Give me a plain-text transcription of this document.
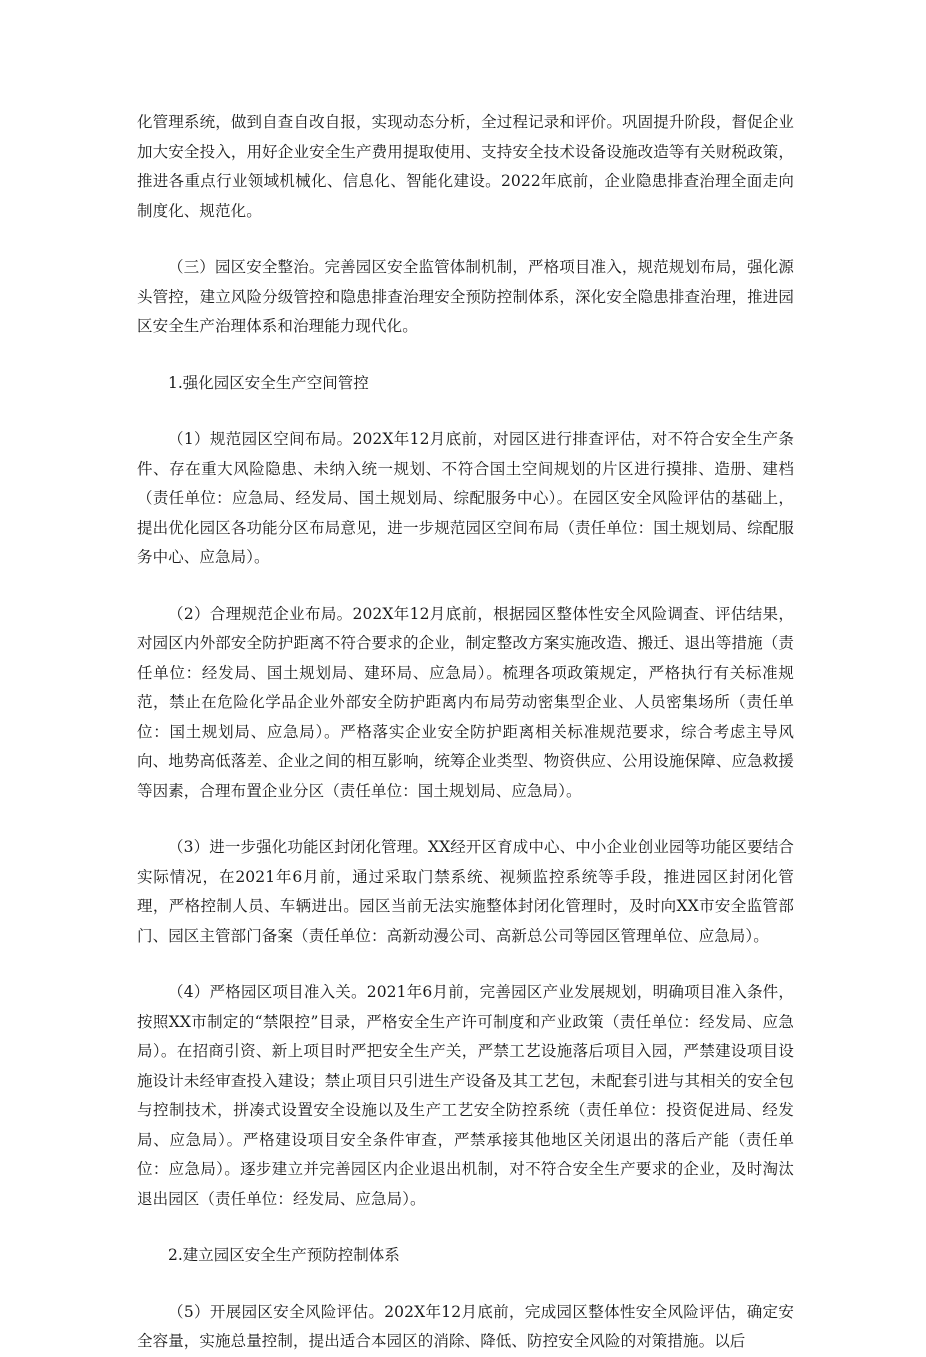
化管理系统，做到自查自改自报，实现动态分析，全过程记录和评价。巩固提升阶段，督促企业加大安全投入，用好企业安全生产费用提取使用、支持安全技术设备设施改造等有关财税政策，推进各重点行业领域机械化、信息化、智能化建设。2022年底前，企业隐患排查治理全面走向制度化、规范化。

（三）园区安全整治。完善园区安全监管体制机制，严格项目准入，规范规划布局，强化源头管控，建立风险分级管控和隐患排查治理安全预防控制体系，深化安全隐患排查治理，推进园区安全生产治理体系和治理能力现代化。

1.强化园区安全生产空间管控

（1）规范园区空间布局。202X年12月底前，对园区进行排查评估，对不符合安全生产条件、存在重大风险隐患、未纳入统一规划、不符合国土空间规划的片区进行摸排、造册、建档（责任单位：应急局、经发局、国土规划局、综配服务中心）。在园区安全风险评估的基础上，提出优化园区各功能分区布局意见，进一步规范园区空间布局（责任单位：国土规划局、综配服务中心、应急局）。

（2）合理规范企业布局。202X年12月底前，根据园区整体性安全风险调查、评估结果，对园区内外部安全防护距离不符合要求的企业，制定整改方案实施改造、搬迁、退出等措施（责任单位：经发局、国土规划局、建环局、应急局）。梳理各项政策规定，严格执行有关标准规范，禁止在危险化学品企业外部安全防护距离内布局劳动密集型企业、人员密集场所（责任单位：国土规划局、应急局）。严格落实企业安全防护距离相关标准规范要求，综合考虑主导风向、地势高低落差、企业之间的相互影响，统筹企业类型、物资供应、公用设施保障、应急救援等因素，合理布置企业分区（责任单位：国土规划局、应急局）。

（3）进一步强化功能区封闭化管理。XX经开区育成中心、中小企业创业园等功能区要结合实际情况，在2021年6月前，通过采取门禁系统、视频监控系统等手段，推进园区封闭化管理，严格控制人员、车辆进出。园区当前无法实施整体封闭化管理时，及时向XX市安全监管部门、园区主管部门备案（责任单位：高新动漫公司、高新总公司等园区管理单位、应急局）。

（4）严格园区项目准入关。2021年6月前，完善园区产业发展规划，明确项目准入条件，按照XX市制定的“禁限控”目录，严格安全生产许可制度和产业政策（责任单位：经发局、应急局）。在招商引资、新上项目时严把安全生产关，严禁工艺设施落后项目入园，严禁建设项目设施设计未经审查投入建设；禁止项目只引进生产设备及其工艺包，未配套引进与其相关的安全包与控制技术，拼凑式设置安全设施以及生产工艺安全防控系统（责任单位：投资促进局、经发局、应急局）。严格建设项目安全条件审查，严禁承接其他地区关闭退出的落后产能（责任单位：应急局）。逐步建立并完善园区内企业退出机制，对不符合安全生产要求的企业，及时淘汰退出园区（责任单位：经发局、应急局）。

2.建立园区安全生产预防控制体系

（5）开展园区安全风险评估。202X年12月底前，完成园区整体性安全风险评估，确定安全容量，实施总量控制，提出适合本园区的消除、降低、防控安全风险的对策措施。以后
